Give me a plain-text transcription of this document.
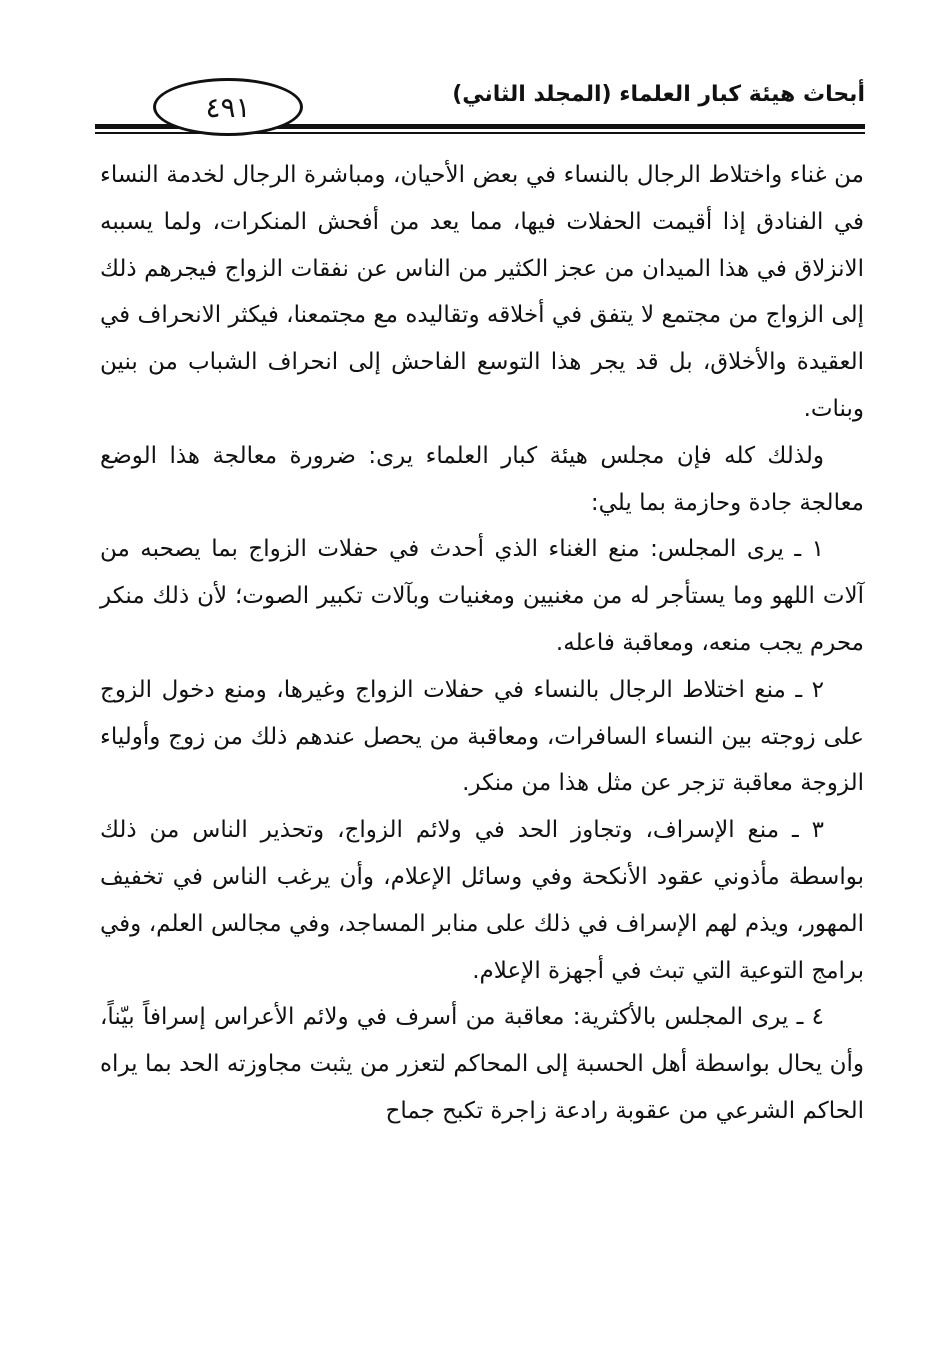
٤٩١	أبحاث هيئة كبار العلماء (المجلد الثاني)

من غناء واختلاط الرجال بالنساء في بعض الأحيان، ومباشرة الرجال لخدمة النساء في الفنادق إذا أقيمت الحفلات فيها، مما يعد من أفحش المنكرات، ولما يسببه الانزلاق في هذا الميدان من عجز الكثير من الناس عن نفقات الزواج فيجرهم ذلك إلى الزواج من مجتمع لا يتفق في أخلاقه وتقاليده مع مجتمعنا، فيكثر الانحراف في العقيدة والأخلاق، بل قد يجر هذا التوسع الفاحش إلى انحراف الشباب من بنين وبنات.

ولذلك كله فإن مجلس هيئة كبار العلماء يرى: ضرورة معالجة هذا الوضع معالجة جادة وحازمة بما يلي:

١ ـ يرى المجلس: منع الغناء الذي أحدث في حفلات الزواج بما يصحبه من آلات اللهو وما يستأجر له من مغنيين ومغنيات وبآلات تكبير الصوت؛ لأن ذلك منكر محرم يجب منعه، ومعاقبة فاعله.

٢ ـ منع اختلاط الرجال بالنساء في حفلات الزواج وغيرها، ومنع دخول الزوج على زوجته بين النساء السافرات، ومعاقبة من يحصل عندهم ذلك من زوج وأولياء الزوجة معاقبة تزجر عن مثل هذا من منكر.

٣ ـ منع الإسراف، وتجاوز الحد في ولائم الزواج، وتحذير الناس من ذلك بواسطة مأذوني عقود الأنكحة وفي وسائل الإعلام، وأن يرغب الناس في تخفيف المهور، ويذم لهم الإسراف في ذلك على منابر المساجد، وفي مجالس العلم، وفي برامج التوعية التي تبث في أجهزة الإعلام.

٤ ـ يرى المجلس بالأكثرية: معاقبة من أسرف في ولائم الأعراس إسرافاً بيّناً، وأن يحال بواسطة أهل الحسبة إلى المحاكم لتعزر من يثبت مجاوزته الحد بما يراه الحاكم الشرعي من عقوبة رادعة زاجرة تكبح جماح
